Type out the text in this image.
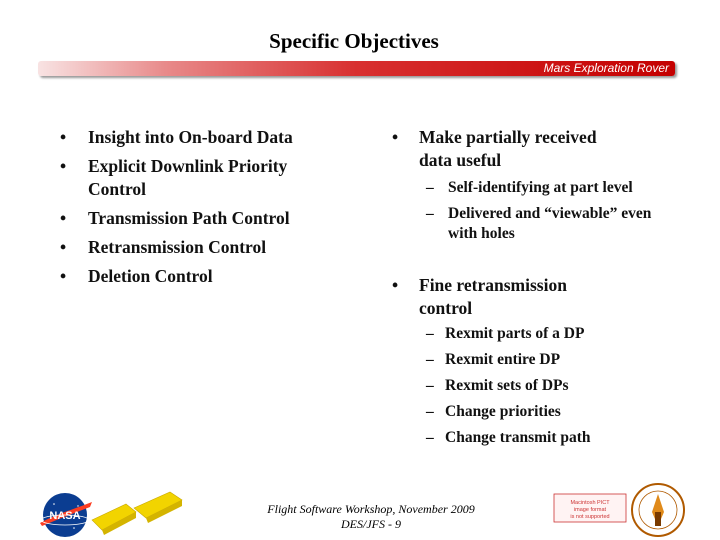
Specific Objectives
Mars Exploration Rover
• Insight into On-board Data
• Explicit Downlink Priority Control
• Transmission Path Control
• Retransmission Control
• Deletion Control
•	Make partially received data useful
– Self-identifying at part level
– Delivered and “viewable” even with holes
•	Fine retransmission control
– Rexmit parts of a DP
– Rexmit entire DP
– Rexmit sets of DPs
– Change priorities
– Change transmit path
Flight Software Workshop, November 2009
DES/JFS - 9
NASA
Macintosh PICT
image format
is not supported
